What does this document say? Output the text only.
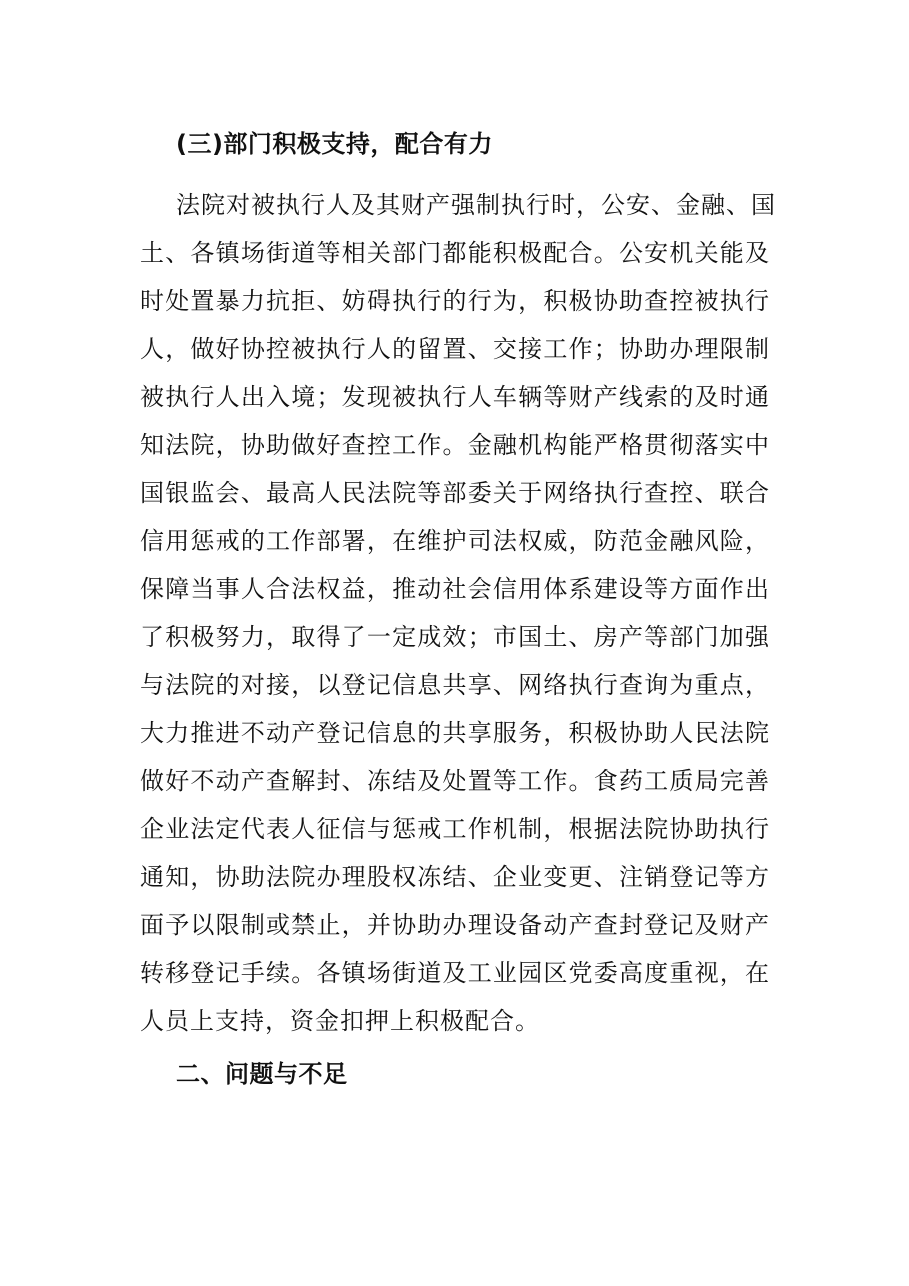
(三)部门积极支持，配合有力
法院对被执行人及其财产强制执行时，公安、金融、国
土、各镇场街道等相关部门都能积极配合。公安机关能及
时处置暴力抗拒、妨碍执行的行为，积极协助查控被执行
人，做好协控被执行人的留置、交接工作；协助办理限制
被执行人出入境；发现被执行人车辆等财产线索的及时通
知法院，协助做好查控工作。金融机构能严格贯彻落实中
国银监会、最高人民法院等部委关于网络执行查控、联合
信用惩戒的工作部署，在维护司法权威，防范金融风险，
保障当事人合法权益，推动社会信用体系建设等方面作出
了积极努力，取得了一定成效；市国土、房产等部门加强
与法院的对接，以登记信息共享、网络执行查询为重点，
大力推进不动产登记信息的共享服务，积极协助人民法院
做好不动产查解封、冻结及处置等工作。食药工质局完善
企业法定代表人征信与惩戒工作机制，根据法院协助执行
通知，协助法院办理股权冻结、企业变更、注销登记等方
面予以限制或禁止，并协助办理设备动产查封登记及财产
转移登记手续。各镇场街道及工业园区党委高度重视，在
人员上支持，资金扣押上积极配合。
二、问题与不足
